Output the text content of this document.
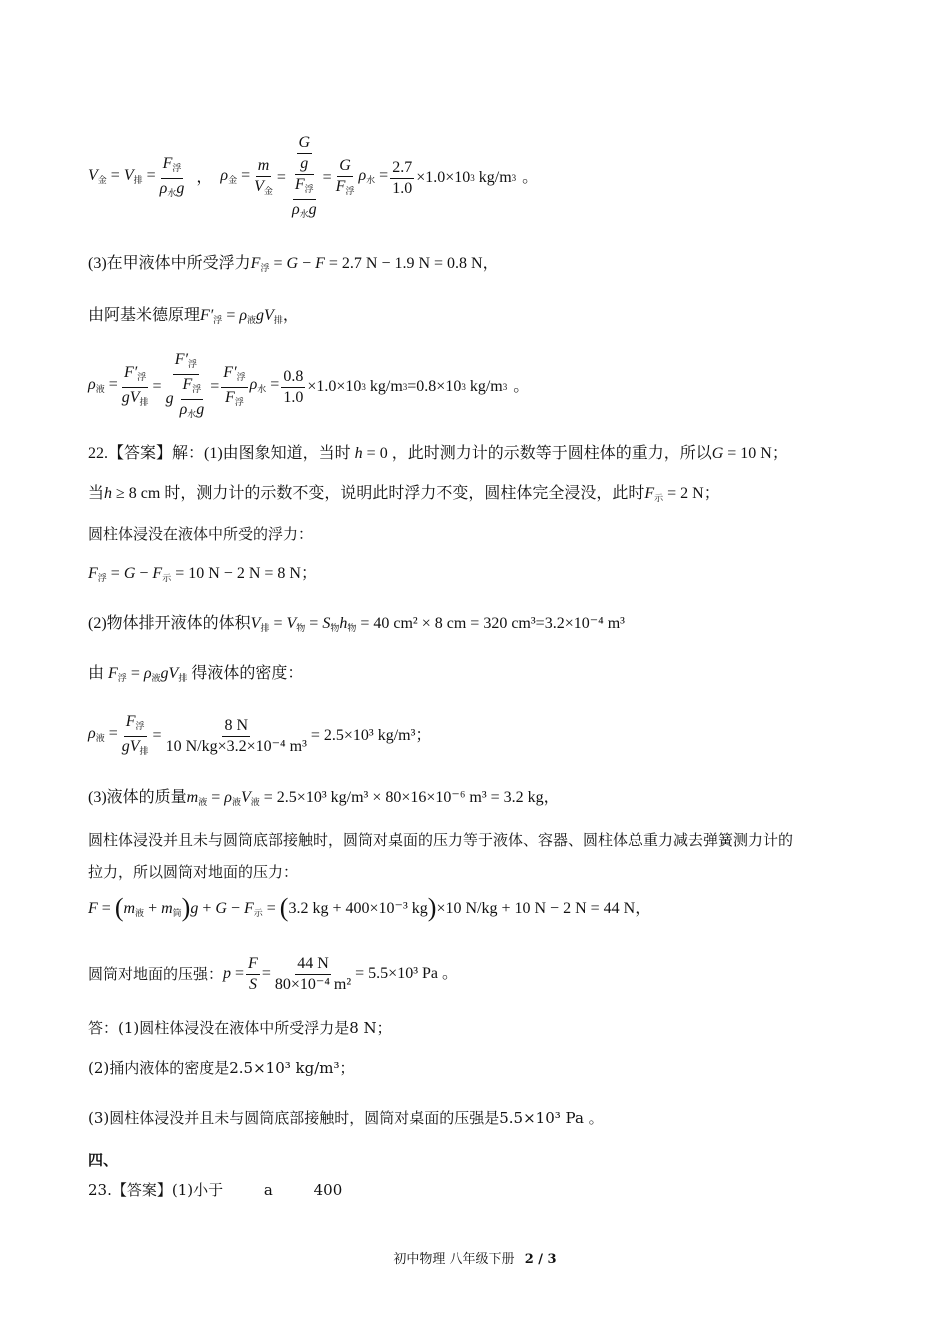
$V_金 = V_排 = \frac{F_浮}{\rho_水g}$ ， $\rho_金 = \frac{m}{V_金} = \frac{\frac{G}{g}}{\frac{F_浮}{\rho_水g}} = \frac{G}{F_浮} \rho_水 = \frac{2.7}{1.0} \times 1.0\times 10$ 3 kg/m 3 。
(3)在甲液体中所受浮力$F_浮 = G - F = 2.7$ N − 1.9 N = 0.8 N，
由阿基米德原理$F'_浮 = \rho_液gV_排$，
$\rho_液 = \frac{F'_浮}{gV_排} = \frac{F'_浮}{g \frac{F_浮}{\rho_水g}} = \frac{F'_浮}{F_浮} \rho_水 = \frac{0.8}{1.0} \times 1.0\times 10$ 3 kg/m 3 =0.8×10 3 kg/m 3 。
22.【答案】解：(1)由图象知道，当时 h = 0 ，此时测力计的示数等于圆柱体的重力，所以G = 10 N；
当h ≥ 8 cm 时，测力计的示数不变，说明此时浮力不变，圆柱体完全浸没，此时$F_示 = 2$ N；
圆柱体浸没在液体中所受的浮力：
$F_浮 = G - F_示 = 10$ N − 2 N = 8 N；
(2)物体排开液体的体积$V_排 = V_物 = S_物h_物 = 40$ cm² × 8 cm = 320 cm³=3.2×10⁻⁴ m³
由 $F_浮 = \rho_液gV_排$ 得液体的密度：
$\rho_液 = \frac{F_浮}{gV_排} = \frac{8 N}{\text{10 N/kg×3.2×10⁻⁴ m³}} = 2.5\times 10^3$ kg/m³；
(3)液体的质量$m_液 = \rho_液V_液 = 2.5\times 10^3$ kg/m³ × 80×16×10⁻⁶ m³ = 3.2 kg，
圆柱体浸没并且未与圆筒底部接触时，圆筒对桌面的压力等于液体、容器、圆柱体总重力减去弹簧测力计的
拉力，所以圆筒对地面的压力：
$F = (m_液 + m_筒)g + G - F_示 = (3.2$ kg + 400×10⁻³ kg)×10 N/kg + 10 N − 2 N = 44 N，
圆筒对地面的压强： $p = \frac{F}{S} = \frac{44 N}{\text{80×10⁻⁴ m²}} = 5.5\times 10^3$ Pa 。
答：(1)圆柱体浸没在液体中所受浮力是8 N；
(2)捅内液体的密度是2.5×10³ kg/m³；
(3)圆柱体浸没并且未与圆筒底部接触时，圆筒对桌面的压强是5.5×10³ Pa 。
四、
23.【答案】(1)小于	a	400
初中物理 八年级下册 2 / 3
